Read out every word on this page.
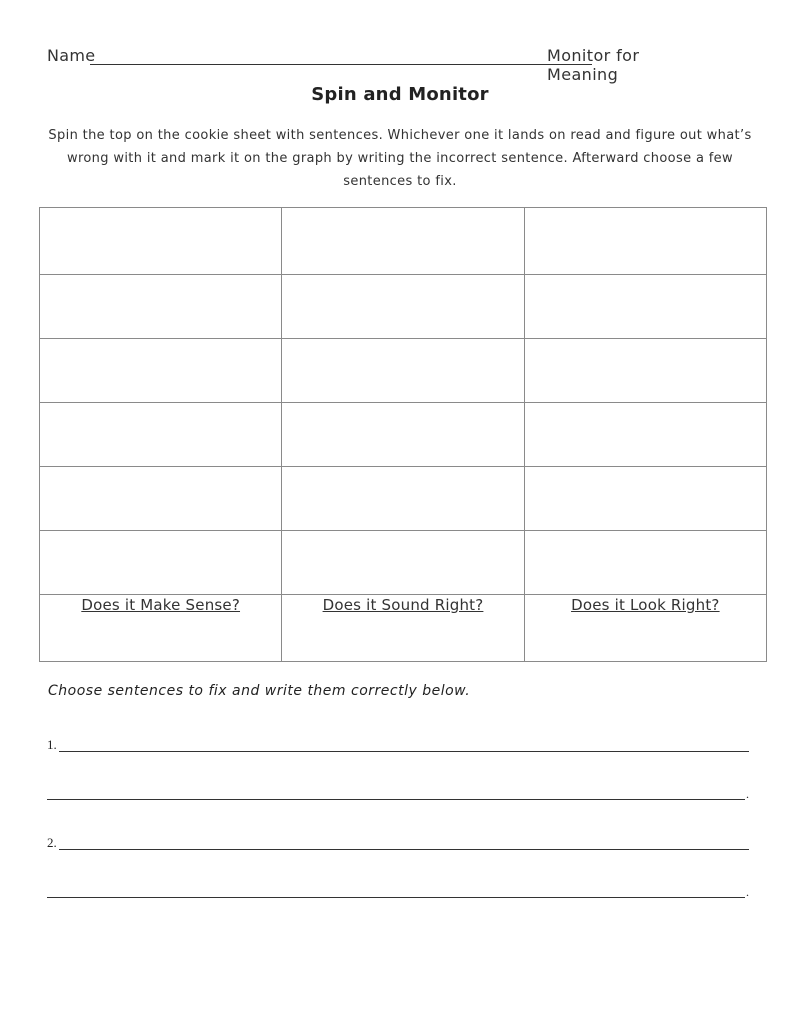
Name	Monitor for Meaning
Spin and Monitor
Spin the top on the cookie sheet with sentences. Whichever one it lands on read and figure out what’s wrong with it and mark it on the graph by writing the incorrect sentence. Afterward choose a few sentences to fix.

Does it Make Sense?	Does it Sound Right?	Does it Look Right?
Choose sentences to fix and write them correctly below.
1.
.
2.
.
